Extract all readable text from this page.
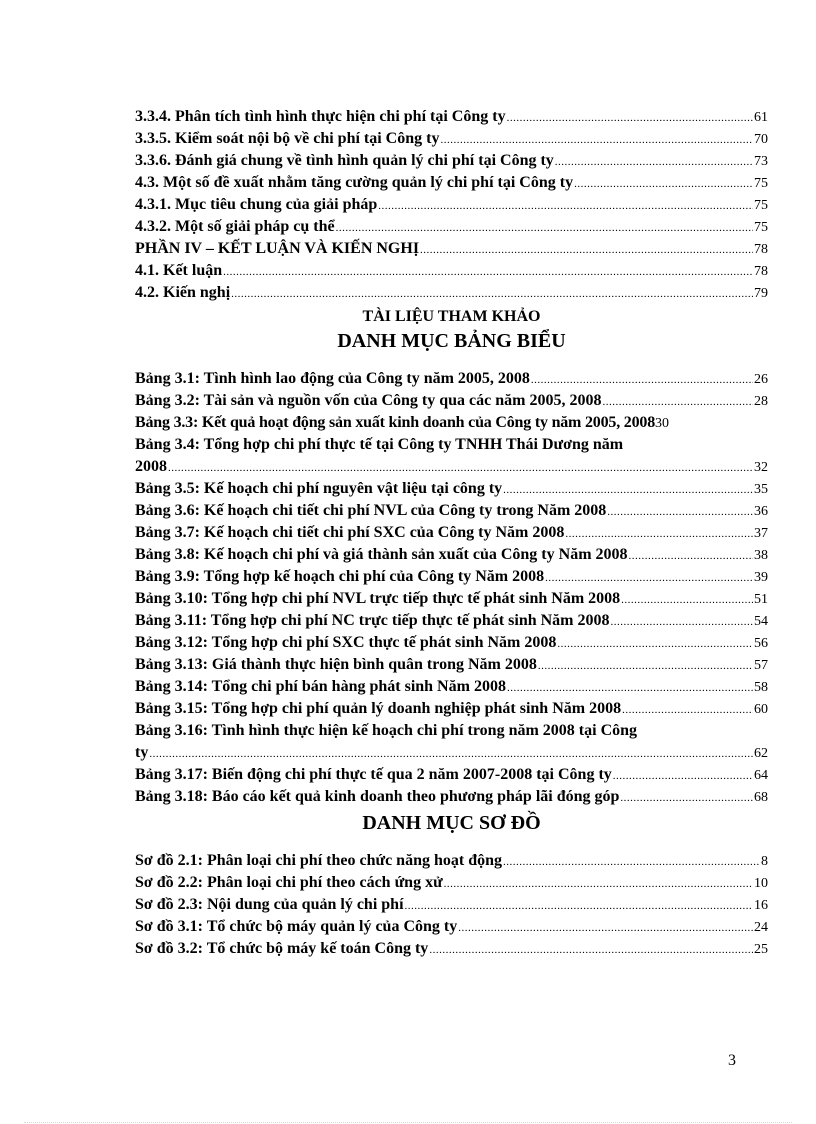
3.3.4. Phân tích tình hình thực hiện chi phí tại Công ty .....	61
3.3.5. Kiểm soát nội bộ về chi phí tại Công ty .....	70
3.3.6. Đánh giá chung về tình hình quản lý chi phí tại Công ty .....	73
4.3. Một số đề xuất nhằm tăng cường quản lý chi phí tại Công ty .....	75
4.3.1. Mục tiêu chung của giải pháp .....	75
4.3.2. Một số giải pháp cụ thể .....	75
PHẦN IV – KẾT LUẬN VÀ KIẾN NGHỊ .....	78
4.1. Kết luận .....	78
4.2. Kiến nghị .....	79
TÀI LIỆU THAM KHẢO
DANH MỤC BẢNG BIỂU
Bảng 3.1: Tình hình lao động của Công ty năm 2005, 2008 .....	26
Bảng 3.2: Tài sản và nguồn vốn của Công ty qua các năm 2005, 2008 .....	28
Bảng 3.3: Kết quả hoạt động sản xuất kinh doanh của Công ty năm 2005, 2008 30
Bảng 3.4: Tổng hợp chi phí thực tế tại Công ty TNHH Thái Dương năm
2008 .....	32
Bảng 3.5: Kế hoạch chi phí nguyên vật liệu tại công ty .....	35
Bảng 3.6: Kế hoạch chi tiết chi phí NVL của Công ty trong Năm 2008 .....	36
Bảng 3.7: Kế hoạch chi tiết chi phí SXC của Công ty Năm 2008 .....	37
Bảng 3.8: Kế hoạch chi phí và giá thành sản xuất của Công ty Năm 2008 .....	38
Bảng 3.9: Tổng hợp kế hoạch chi phí của Công ty Năm 2008 .....	39
Bảng 3.10: Tổng hợp chi phí NVL trực tiếp thực tế phát sinh Năm 2008 .....	51
Bảng 3.11: Tổng hợp chi phí NC trực tiếp thực tế phát sinh Năm 2008 .....	54
Bảng 3.12: Tổng hợp chi phí SXC thực tế phát sinh Năm 2008 .....	56
Bảng 3.13: Giá thành thực hiện bình quân trong Năm 2008 .....	57
Bảng 3.14: Tổng chi phí bán hàng phát sinh Năm 2008 .....	58
Bảng 3.15: Tổng hợp chi phí quản lý doanh nghiệp phát sinh Năm 2008 .....	60
Bảng 3.16: Tình hình thực hiện kế hoạch chi phí trong năm 2008 tại Công
ty .....	62
Bảng 3.17: Biến động chi phí thực tế qua 2 năm 2007-2008 tại Công ty .....	64
Bảng 3.18: Báo cáo kết quả kinh doanh theo phương pháp lãi đóng góp .....	68
DANH MỤC SƠ ĐỒ
Sơ đồ 2.1: Phân loại chi phí theo chức năng hoạt động .....	8
Sơ đồ 2.2: Phân loại chi phí theo cách ứng xử .....	10
Sơ đồ 2.3: Nội dung của quản lý chi phí .....	16
Sơ đồ 3.1: Tổ chức bộ máy quản lý của Công ty .....	24
Sơ đồ 3.2: Tổ chức bộ máy kế toán Công ty .....	25
3
